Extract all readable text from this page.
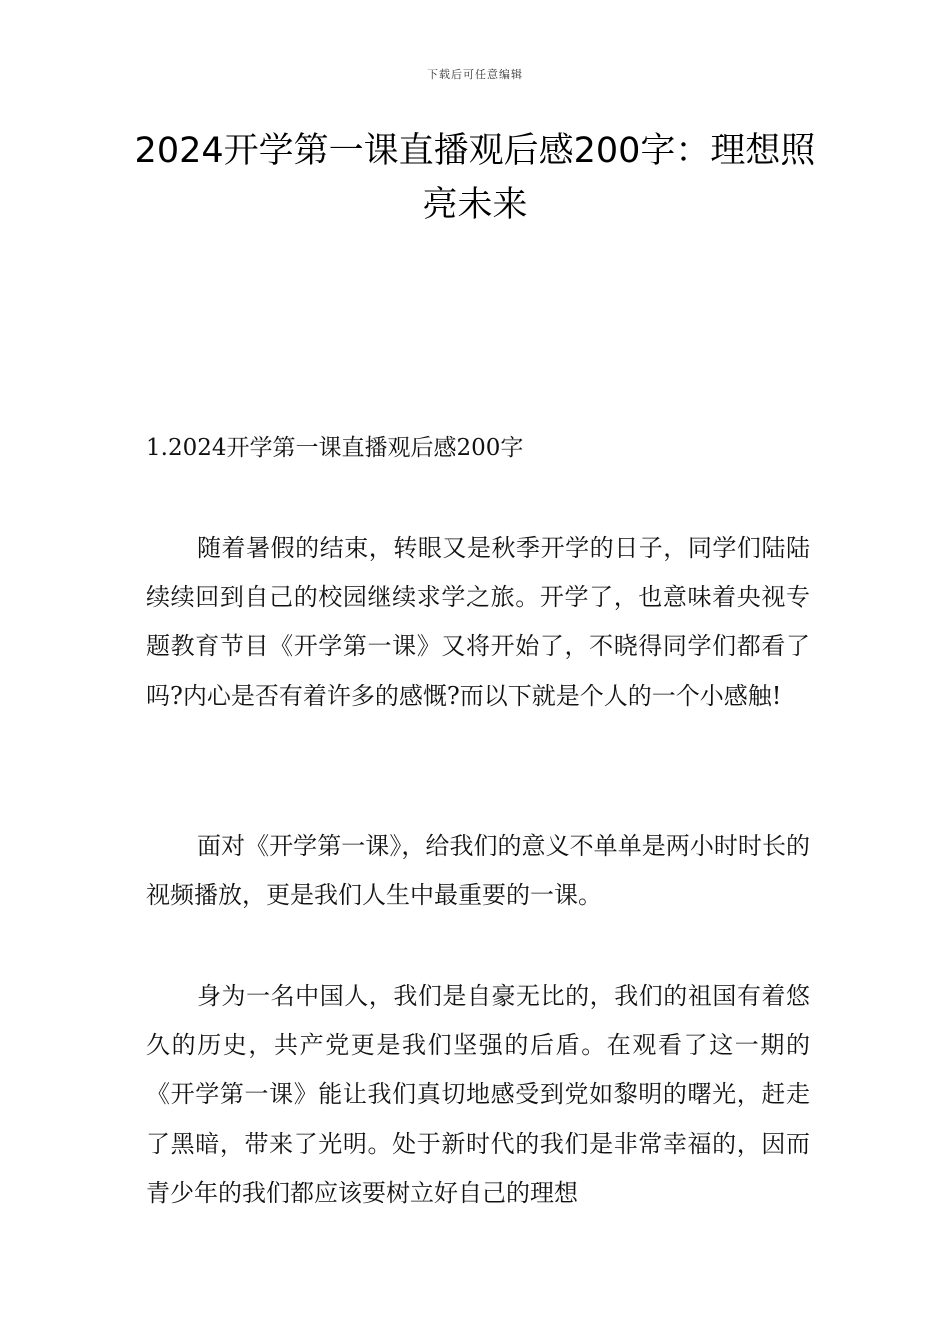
下载后可任意编辑
2024开学第一课直播观后感200字：理想照亮未来
1.2024开学第一课直播观后感200字

随着暑假的结束，转眼又是秋季开学的日子，同学们陆陆续续回到自己的校园继续求学之旅。开学了，也意味着央视专题教育节目《开学第一课》又将开始了，不晓得同学们都看了吗?内心是否有着许多的感慨?而以下就是个人的一个小感触!

面对《开学第一课》，给我们的意义不单单是两小时时长的视频播放，更是我们人生中最重要的一课。

身为一名中国人，我们是自豪无比的，我们的祖国有着悠久的历史，共产党更是我们坚强的后盾。在观看了这一期的《开学第一课》能让我们真切地感受到党如黎明的曙光，赶走了黑暗，带来了光明。处于新时代的我们是非常幸福的，因而青少年的我们都应该要树立好自己的理想
